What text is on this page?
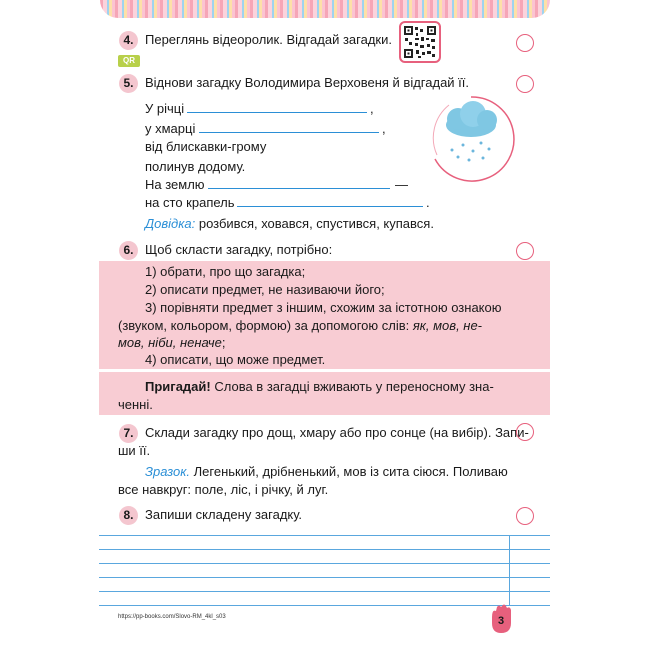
4. Переглянь відеоролик. Відгадай загадки.
QR
5. Віднови загадку Володимира Верховеня й відгадай її.
У річці	,
у хмарці	,
від блискавки-грому
полинув додому.
На землю	—
на сто крапель	.
Довідка: розбився, ховався, спустився, купався.
6. Щоб скласти загадку, потрібно:
1) обрати, про що загадка;
2) описати предмет, не називаючи його;
3) порівняти предмет з іншим, схожим за істотною ознакою
(звуком, кольором, формою) за допомогою слів: як, мов, не-
мов, ніби, неначе;
4) описати, що може предмет.
Пригадай! Слова в загадці вживають у переносному зна-
ченні.
7. Склади загадку про дощ, хмару або про сонце (на вибір). Запи-
ши її.
Зразок. Легенький, дрібненький, мов із сита сіюся. Поливаю
все навкруг: поле, ліс, і річку, й луг.
8. Запиши складену загадку.
https://pp-books.com/Slovo-RM_4kl_s03	3
